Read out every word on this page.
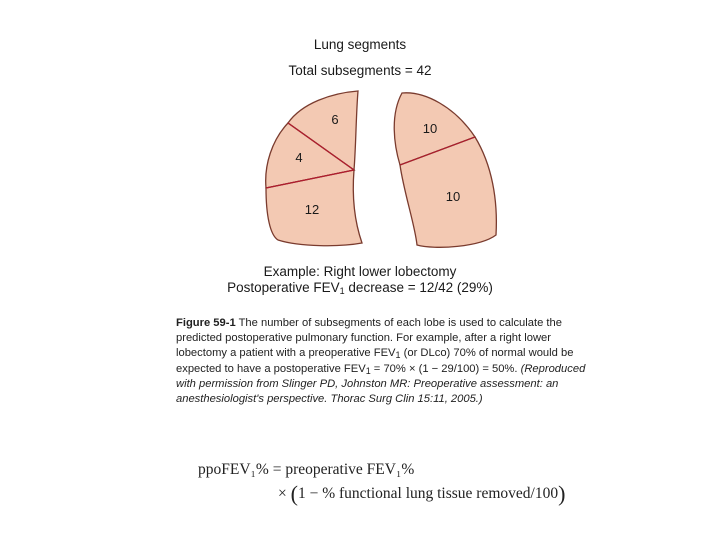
Lung segments
Total subsegments = 42
6
4
12
10
10
Example: Right lower lobectomy
Postoperative $FEV_1$ decrease = 12/42 (29%)
Figure 59-1 The number of subsegments of each lobe is used to calculate the predicted postoperative pulmonary function. For example, after a right lower lobectomy a patient with a preoperative $FEV_1$ (or DLco) 70% of normal would be expected to have a postoperative $FEV_1 = 70\% \times (1 - 29/100) = 50\%$. (Reproduced with permission from Slinger PD, Johnston MR: Preoperative assessment: an anesthesiologist's perspective. Thorac Surg Clin 15:11, 2005.)
ppoFEV₁% = preoperative FEV₁%
× (1 − % functional lung tissue removed/100)
